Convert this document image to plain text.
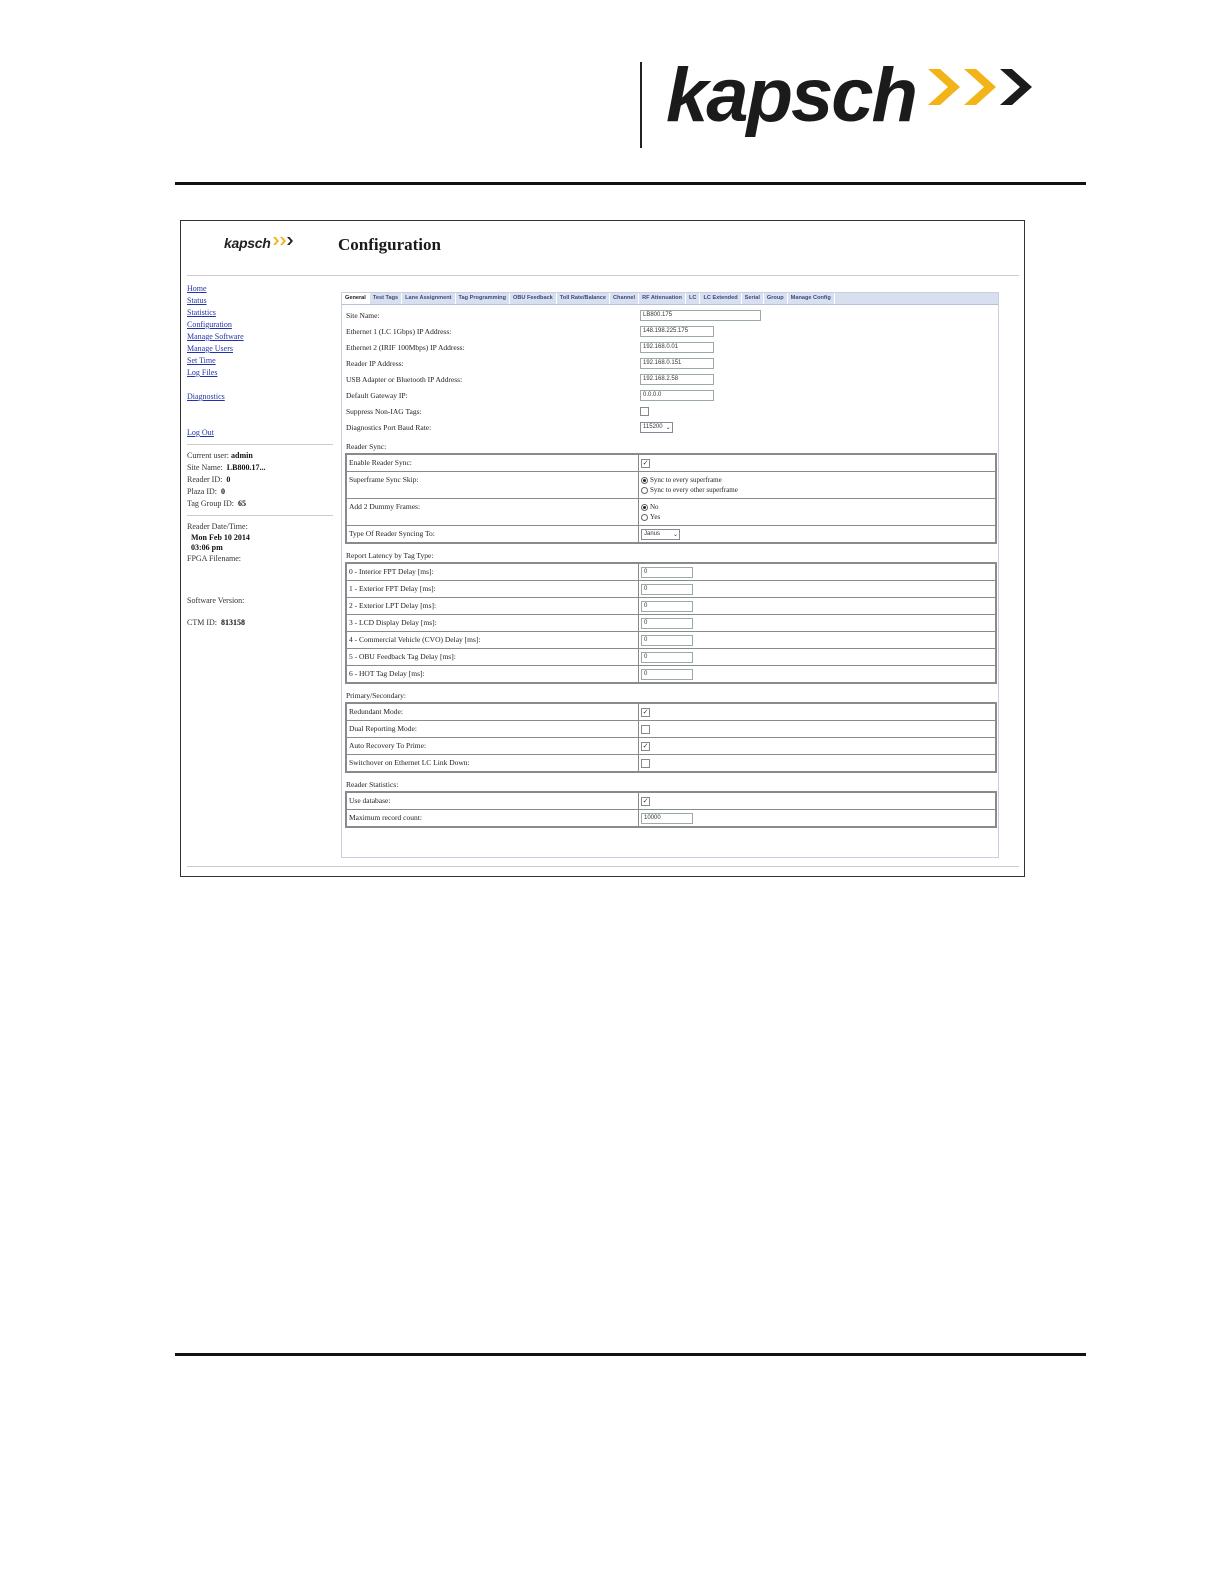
kapsch
kapsch	Configuration
Home
Status
Statistics
Configuration
Manage Software
Manage Users
Set Time
Log Files
Diagnostics
Log Out
Current user: admin
Site Name: LB800.17...
Reader ID: 0
Plaza ID: 0
Tag Group ID: 65
Reader Date/Time:
Mon Feb 10 2014
03:06 pm
FPGA Filename:
Software Version:
CTM ID: 813158
General	Test Tags	Lane Assignment	Tag Programming	OBU Feedback	Toll Rate/Balance	Channel	RF Attenuation	LC	LC Extended	Serial	Group	Manage Config
Site Name:	LB800.175
Ethernet 1 (LC 1Gbps) IP Address:	148.198.225.175
Ethernet 2 (IRIF 100Mbps) IP Address:	192.168.0.01
Reader IP Address:	192.168.0.151
USB Adapter or Bluetooth IP Address:	192.168.2.58
Default Gateway IP:	0.0.0.0
Suppress Non-IAG Tags:
Diagnostics Port Baud Rate:	115200 ⌄
Reader Sync:
Enable Reader Sync:	✓
Superframe Sync Skip:	Sync to every superframe
Sync to every other superframe
Add 2 Dummy Frames:	No
Yes
Type Of Reader Syncing To:	Janus ⌄
Report Latency by Tag Type:
0 - Interior FPT Delay [ms]:	0
1 - Exterior FPT Delay [ms]:	0
2 - Exterior LPT Delay [ms]:	0
3 - LCD Display Delay [ms]:	0
4 - Commercial Vehicle (CVO) Delay [ms]:	0
5 - OBU Feedback Tag Delay [ms]:	0
6 - HOT Tag Delay [ms]:	0
Primary/Secondary:
Redundant Mode:	✓
Dual Reporting Mode:
Auto Recovery To Prime:	✓
Switchover on Ethernet LC Link Down:
Reader Statistics:
Use database:	✓
Maximum record count:	10000
